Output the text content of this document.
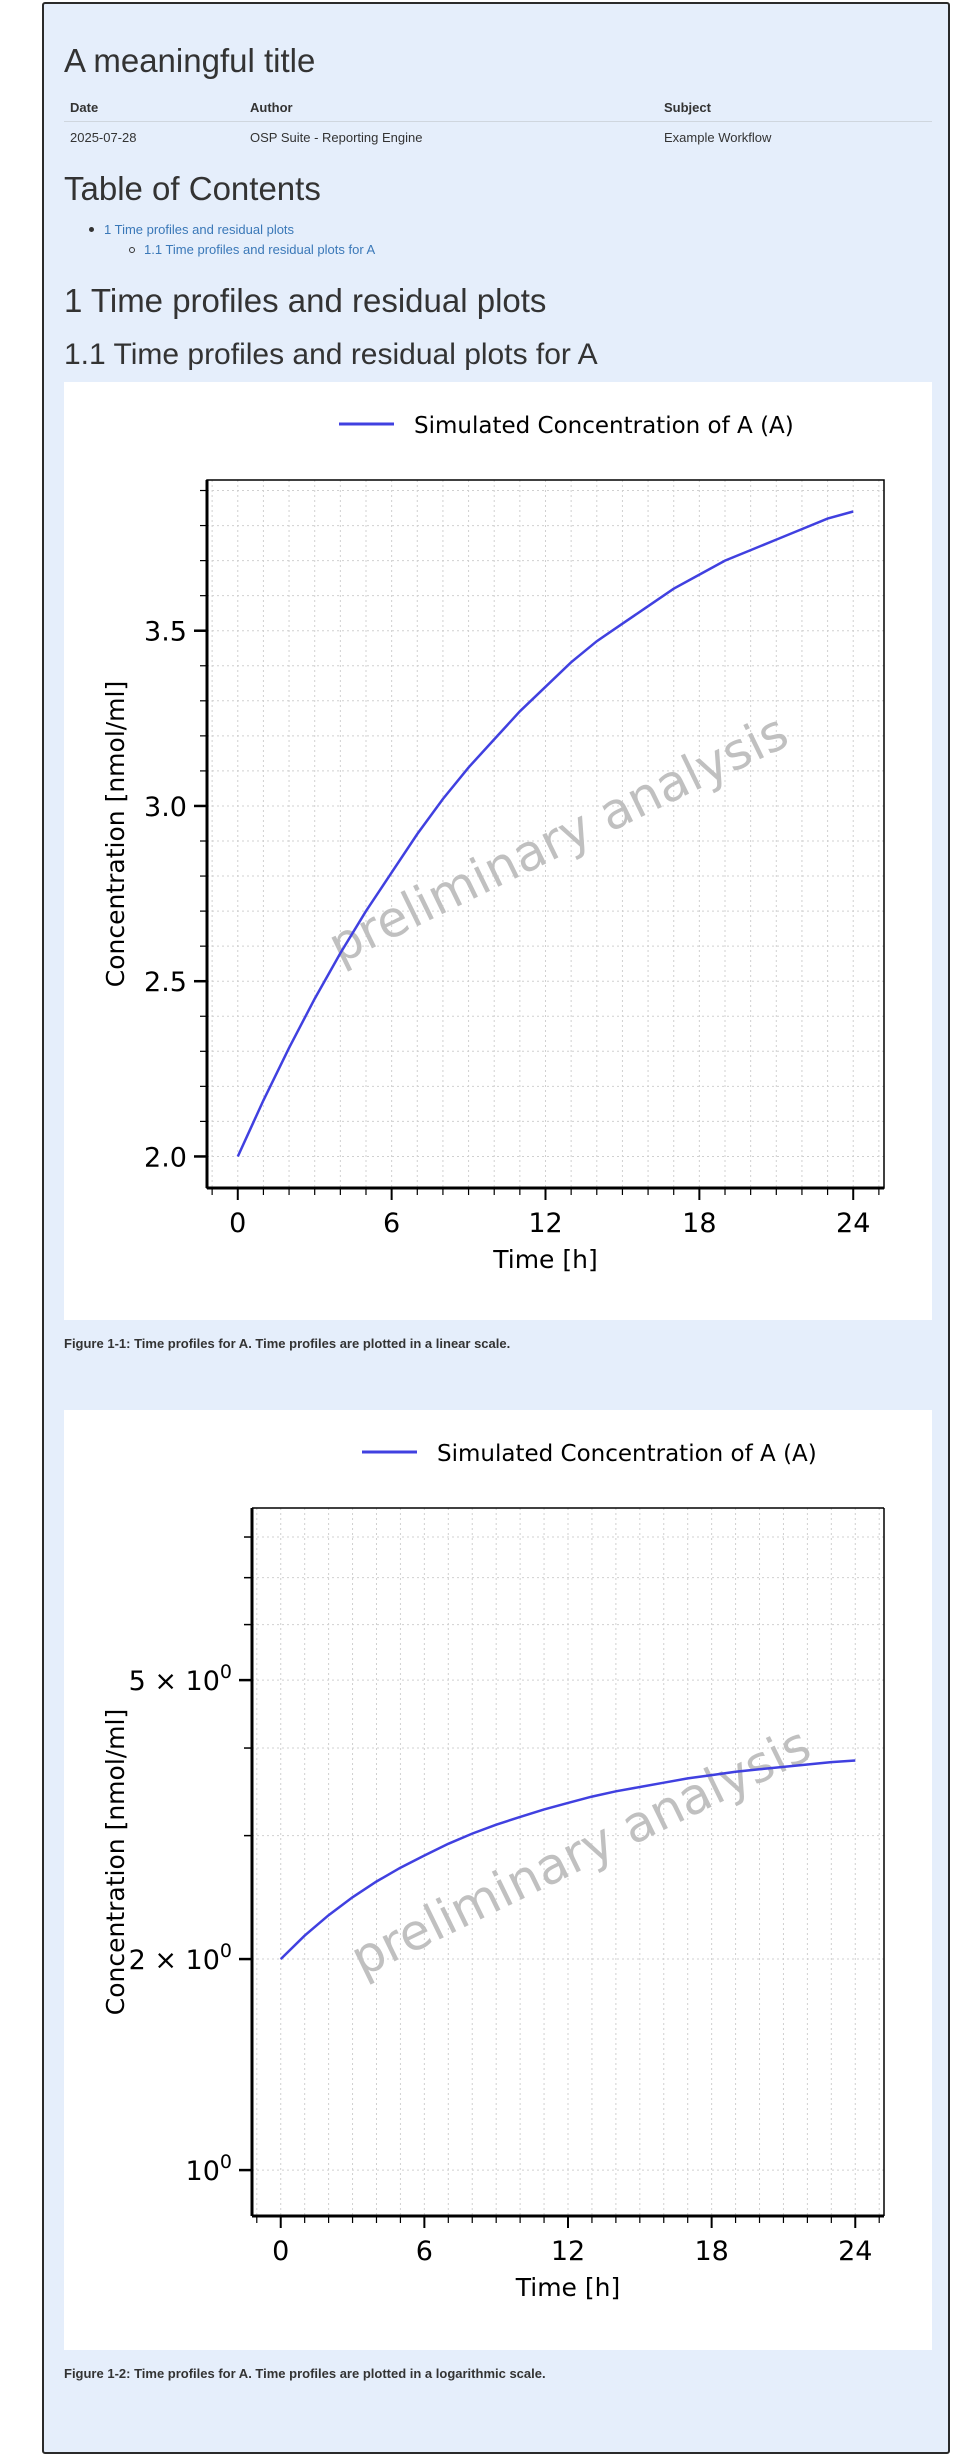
A meaningful title
Date	Author	Subject
2025-07-28	OSP Suite - Reporting Engine	Example Workflow
Table of Contents
1 Time profiles and residual plots
1.1 Time profiles and residual plots for A
1 Time profiles and residual plots
1.1 Time profiles and residual plots for A
preliminary analysis
0	6	12	18	24
2.0
2.5
3.0
3.5
Time [h]
Concentration [nmol/ml]
Simulated Concentration of A (A)
Figure 1-1: Time profiles for A. Time profiles are plotted in a linear scale.
preliminary analysis
0	6	12	18	24
$10^0$
$2 \times 10^0$
$5 \times 10^0$
Time [h]
Concentration [nmol/ml]
Simulated Concentration of A (A)
Figure 1-2: Time profiles for A. Time profiles are plotted in a logarithmic scale.
